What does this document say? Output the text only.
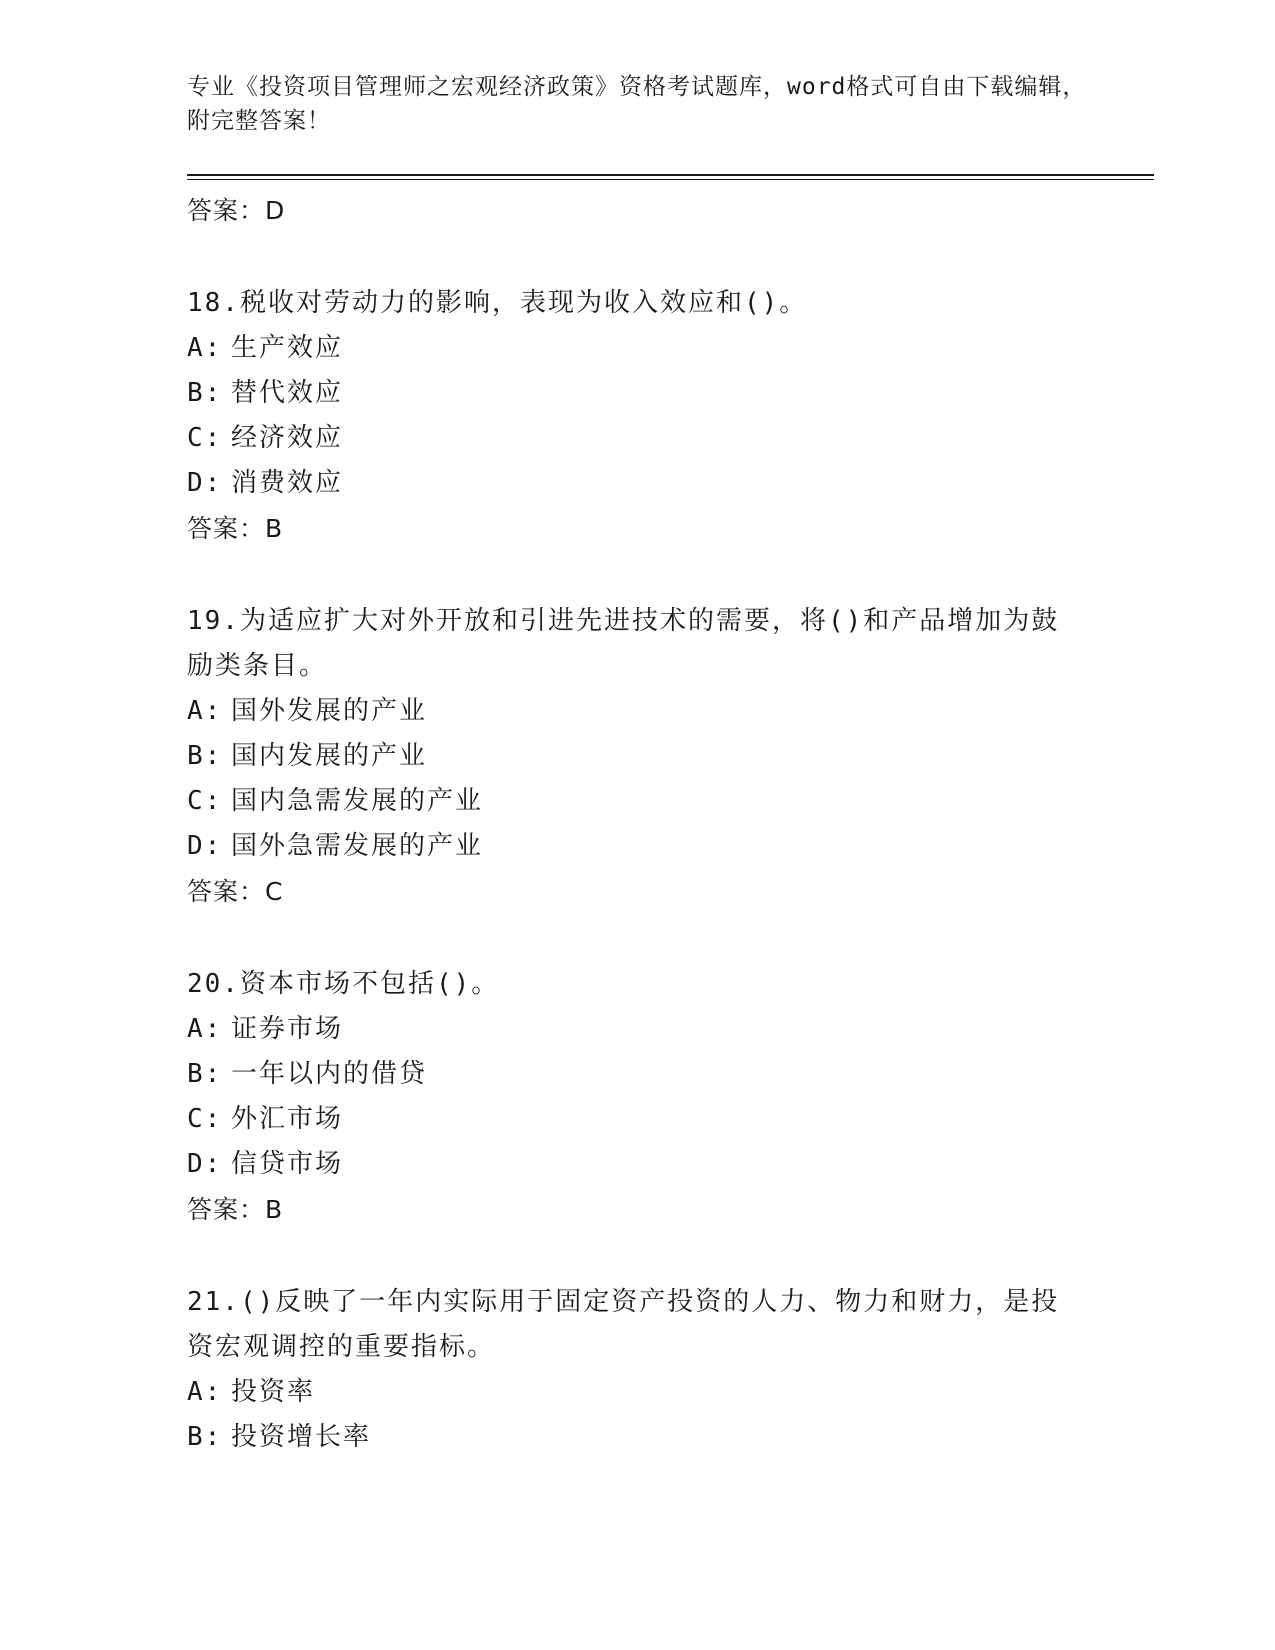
专业《投资项目管理师之宏观经济政策》资格考试题库，word格式可自由下载编辑，附完整答案！

答案：D

18.税收对劳动力的影响，表现为收入效应和()。

A: 生产效应

B: 替代效应

C: 经济效应

D: 消费效应

答案：B

19.为适应扩大对外开放和引进先进技术的需要，将()和产品增加为鼓励类条目。

A: 国外发展的产业

B: 国内发展的产业

C: 国内急需发展的产业

D: 国外急需发展的产业

答案：C

20.资本市场不包括()。

A: 证券市场

B: 一年以内的借贷

C: 外汇市场

D: 信贷市场

答案：B

21.()反映了一年内实际用于固定资产投资的人力、物力和财力，是投资宏观调控的重要指标。

A: 投资率

B: 投资增长率
